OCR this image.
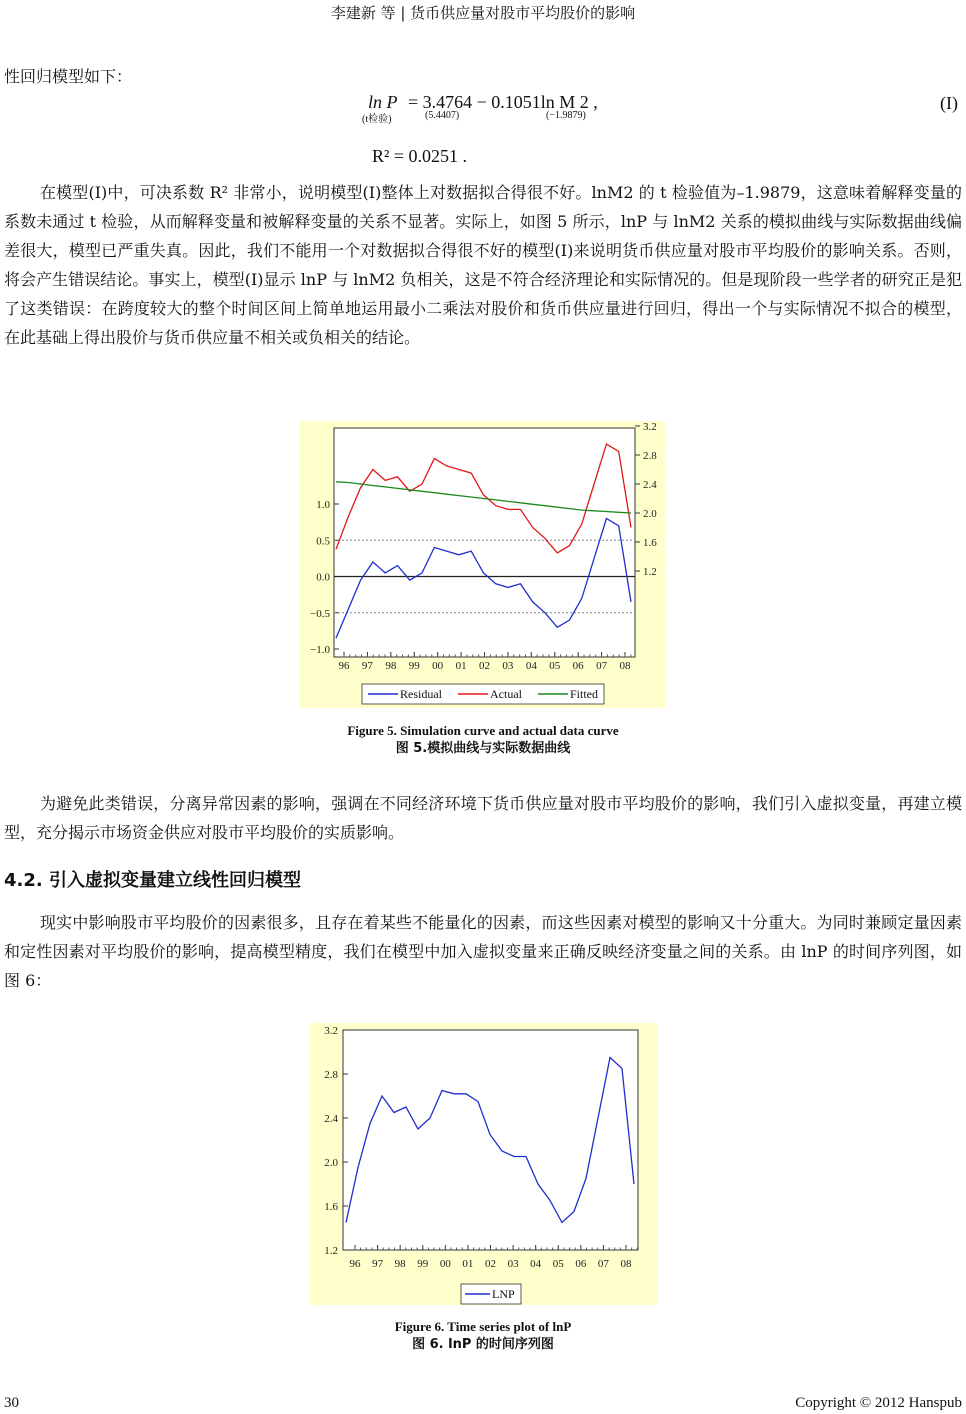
李建新 等 | 货币供应量对股市平均股价的影响

性回归模型如下：

ln P = 3.4764 − 0.1051ln M 2 ,
(t检验)	(5.4407)	(−1.9879)
(I)
R² = 0.0251 .

在模型(I)中，可决系数 R² 非常小，说明模型(I)整体上对数据拟合得很不好。lnM2 的 t 检验值为–1.9879，这意味着解释变量的系数未通过 t 检验，从而解释变量和被解释变量的关系不显著。实际上，如图 5 所示，lnP 与 lnM2 关系的模拟曲线与实际数据曲线偏差很大，模型已严重失真。因此，我们不能用一个对数据拟合得很不好的模型(I)来说明货币供应量对股市平均股价的影响关系。否则，将会产生错误结论。事实上，模型(I)显示 lnP 与 lnM2 负相关，这是不符合经济理论和实际情况的。但是现阶段一些学者的研究正是犯了这类错误：在跨度较大的整个时间区间上简单地运用最小二乘法对股价和货币供应量进行回归，得出一个与实际情况不拟合的模型，在此基础上得出股价与货币供应量不相关或负相关的结论。

1.0
0.5
0.0
−0.5
−1.0
3.2
2.8
2.4
2.0
1.6
1.2
96 97 98 99 00 01 02 03 04 05 06 07 08
Residual	Actual	Fitted
Figure 5. Simulation curve and actual data curve
图 5.模拟曲线与实际数据曲线

为避免此类错误，分离异常因素的影响，强调在不同经济环境下货币供应量对股市平均股价的影响，我们引入虚拟变量，再建立模型，充分揭示市场资金供应对股市平均股价的实质影响。

4.2. 引入虚拟变量建立线性回归模型

现实中影响股市平均股价的因素很多，且存在着某些不能量化的因素，而这些因素对模型的影响又十分重大。为同时兼顾定量因素和定性因素对平均股价的影响，提高模型精度，我们在模型中加入虚拟变量来正确反映经济变量之间的关系。由 lnP 的时间序列图，如图 6：

3.2
2.8
2.4
2.0
1.6
1.2
96 97 98 99 00 01 02 03 04 05 06 07 08
LNP
Figure 6. Time series plot of lnP
图 6. lnP 的时间序列图
30	Copyright © 2012 Hanspub
